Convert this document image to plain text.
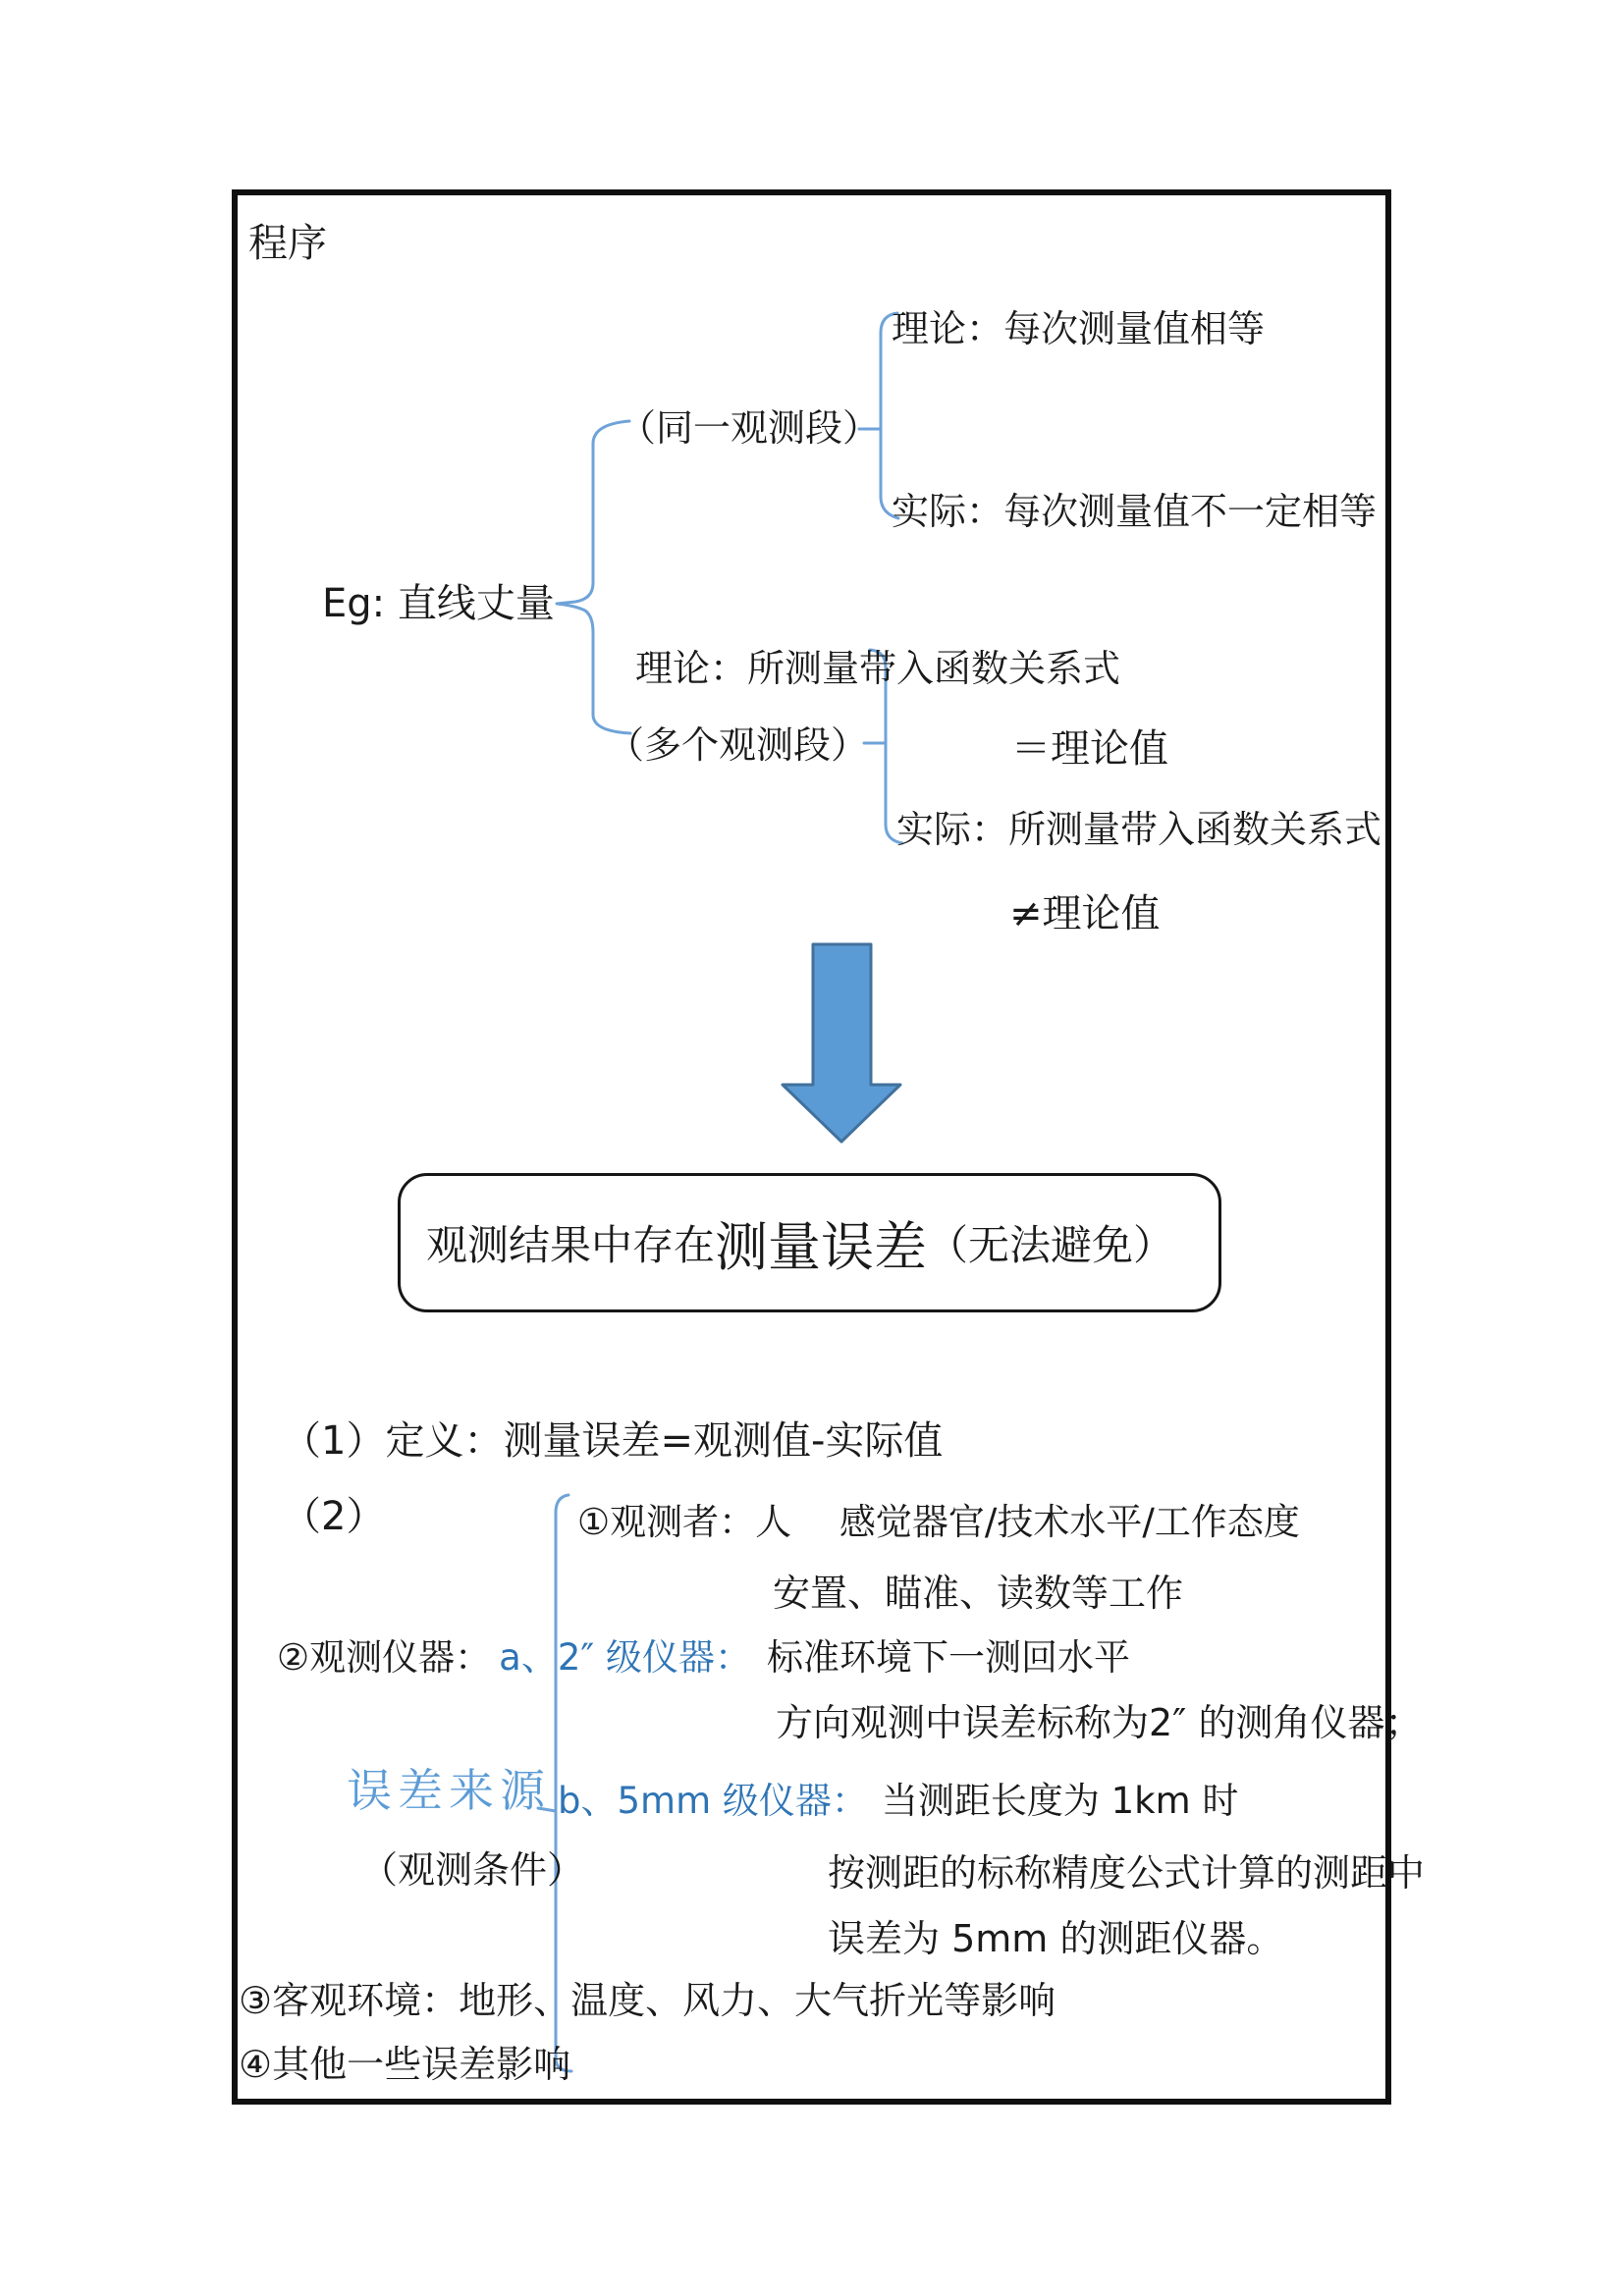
程序
理论：每次测量值相等
（同一观测段）
实际：每次测量值不一定相等
Eg: 直线丈量
理论：所测量带入函数关系式
（多个观测段）	＝理论值
实际：所测量带入函数关系式
≠理论值
观测结果中存在 测量误差 （无法避免）
（1）定义：测量误差=观测值-实际值
（2）	①观测者：人　 感觉器官/技术水平/工作态度
安置、瞄准、读数等工作
②观测仪器： a、2″ 级仪器： 标准环境下一测回水平
方向观测中误差标称为2″ 的测角仪器；
误差来源
（观测条件）
b、5mm 级仪器： 当测距长度为 1km 时
按测距的标称精度公式计算的测距中
误差为 5mm 的测距仪器。
③客观环境：地形、温度、风力、大气折光等影响
④其他一些误差影响
